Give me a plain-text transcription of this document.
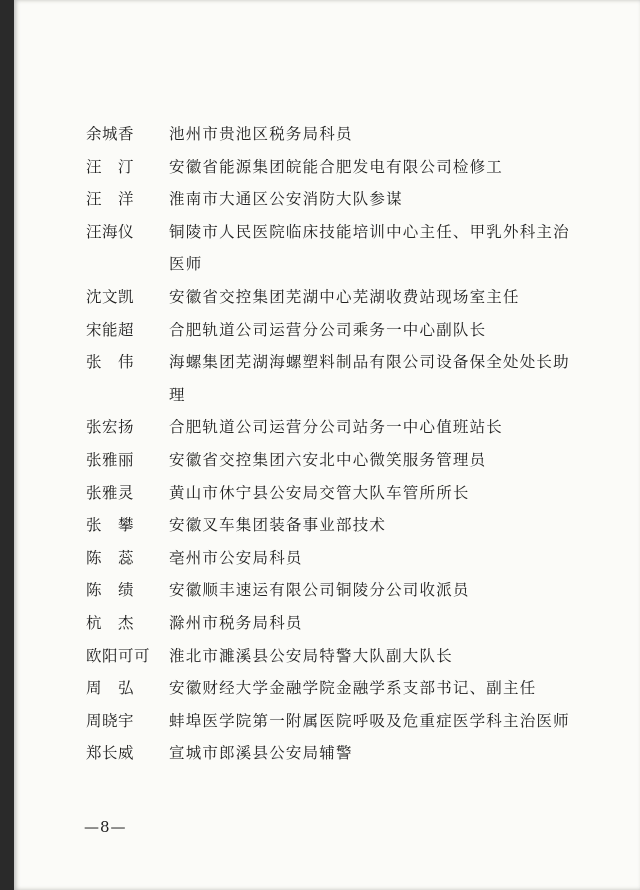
余城香	池州市贵池区税务局科员
汪　汀	安徽省能源集团皖能合肥发电有限公司检修工
汪　洋	淮南市大通区公安消防大队参谋
汪海仪	铜陵市人民医院临床技能培训中心主任、甲乳外科主治医师
沈文凯	安徽省交控集团芜湖中心芜湖收费站现场室主任
宋能超	合肥轨道公司运营分公司乘务一中心副队长
张　伟	海螺集团芜湖海螺塑料制品有限公司设备保全处处长助理
张宏扬	合肥轨道公司运营分公司站务一中心值班站长
张雅丽	安徽省交控集团六安北中心微笑服务管理员
张雅灵	黄山市休宁县公安局交管大队车管所所长
张　攀	安徽叉车集团装备事业部技术
陈　蕊	亳州市公安局科员
陈　绩	安徽顺丰速运有限公司铜陵分公司收派员
杭　杰	滁州市税务局科员
欧阳可可	淮北市濉溪县公安局特警大队副大队长
周　弘	安徽财经大学金融学院金融学系支部书记、副主任
周晓宇	蚌埠医学院第一附属医院呼吸及危重症医学科主治医师
郑长威	宣城市郎溪县公安局辅警
—8—
